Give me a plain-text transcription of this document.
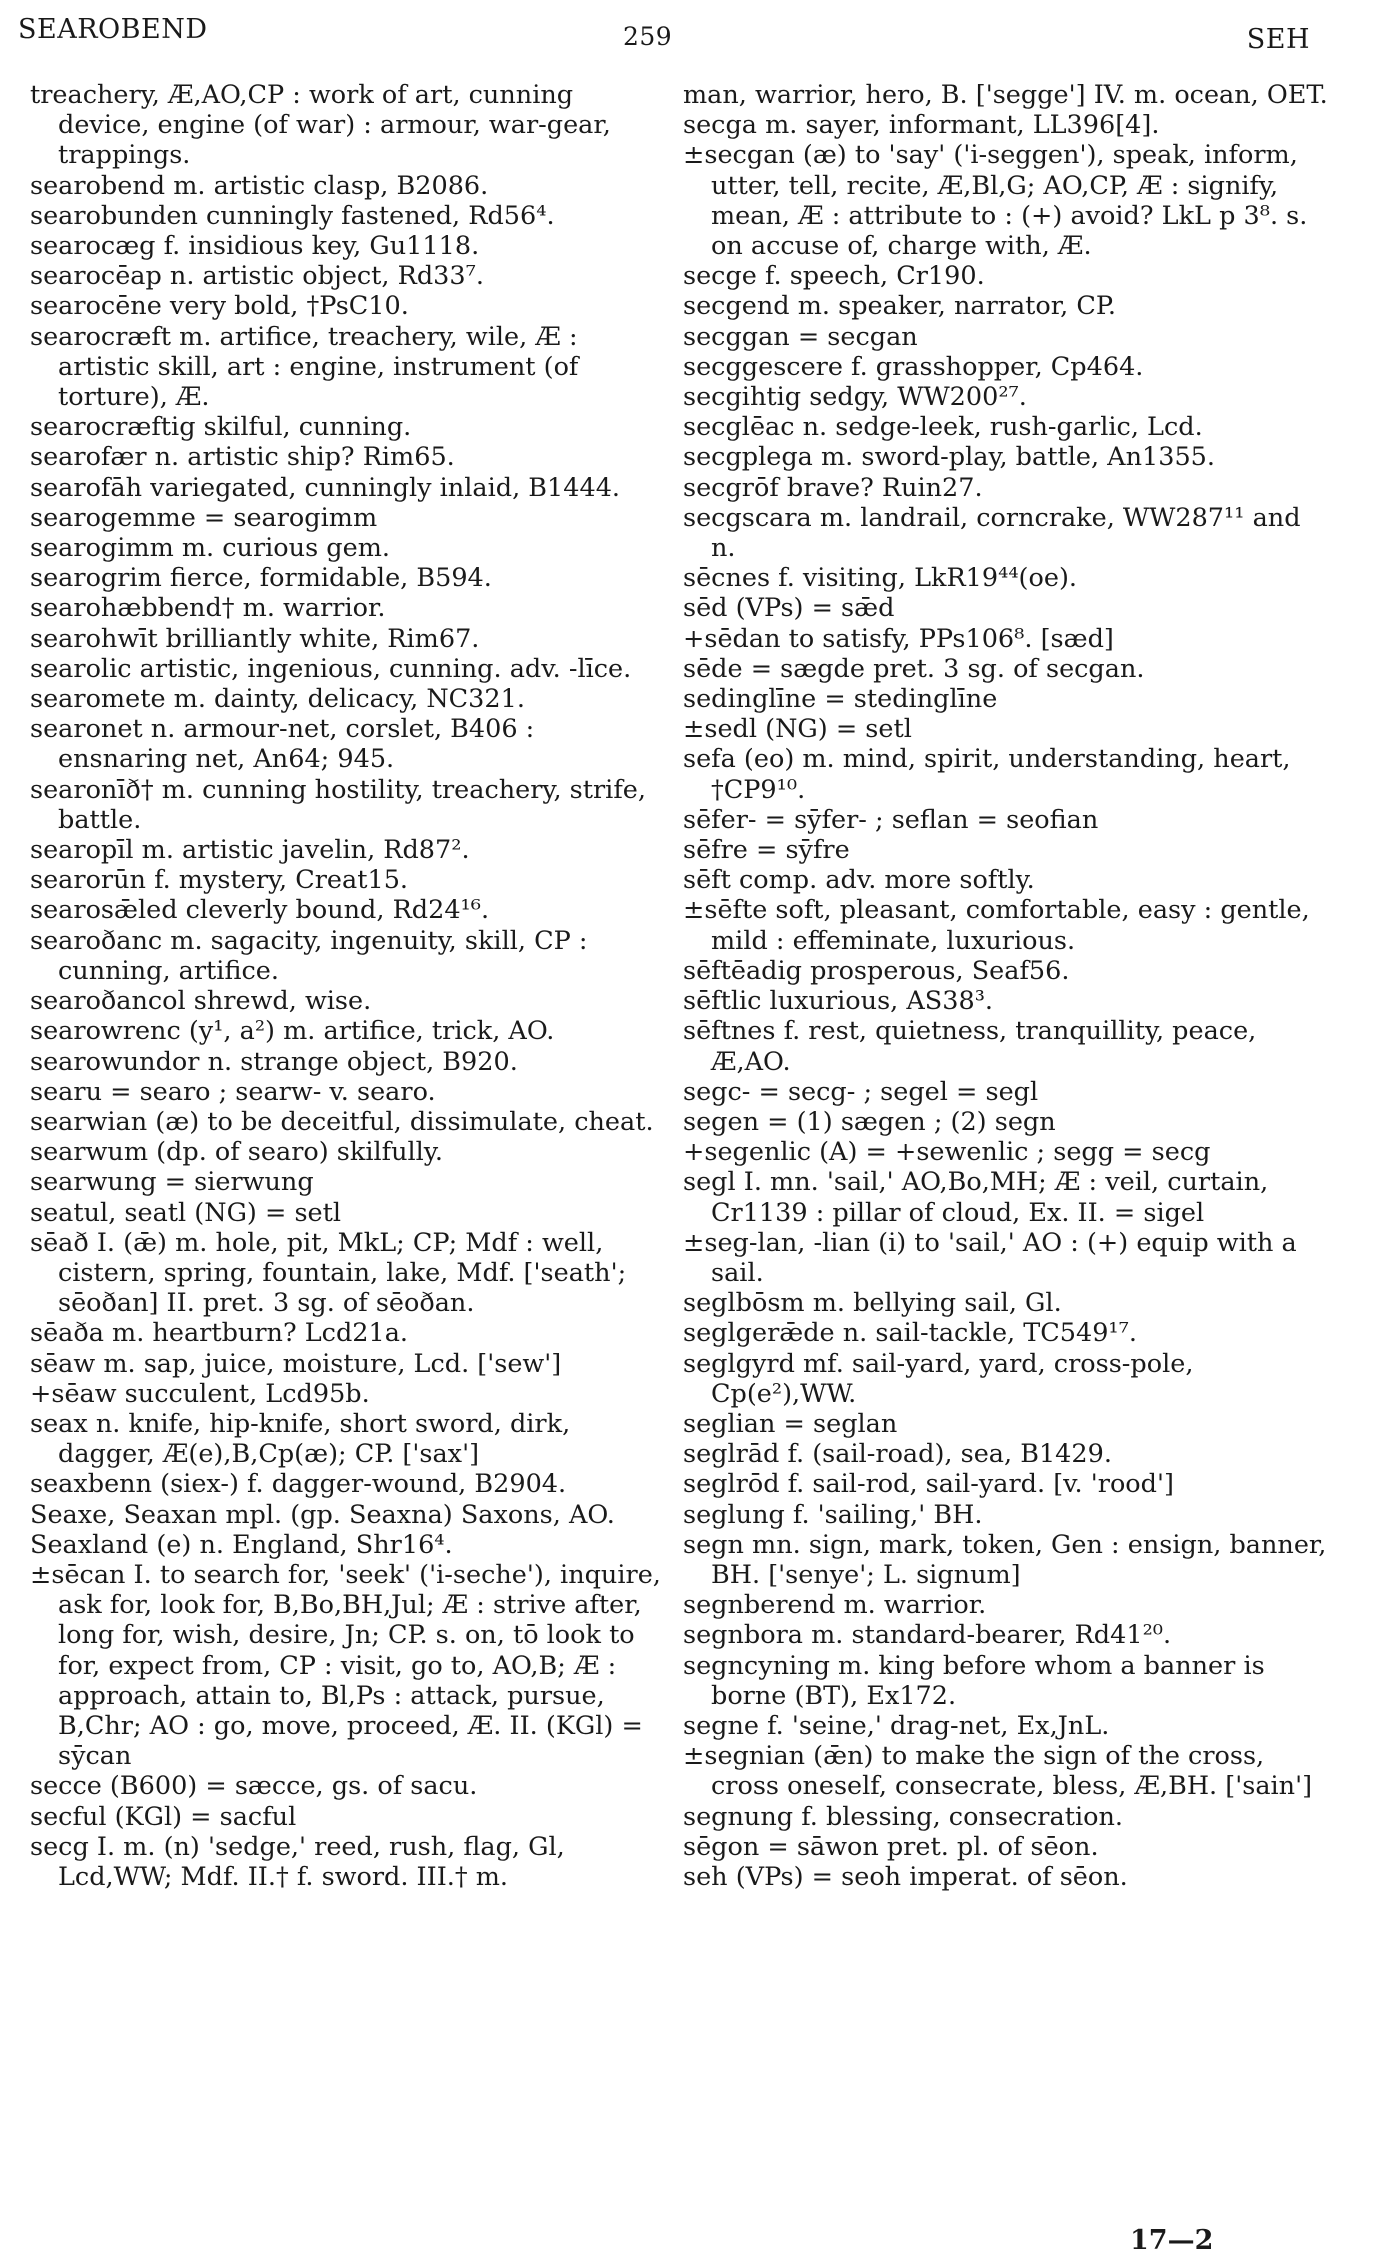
SEAROBEND	259	SEH

treachery, Æ,AO,CP : work of art, cunning device, engine (of war) : armour, war-gear, trappings.

searobend m. artistic clasp, B2086.

searobunden cunningly fastened, Rd56⁴.

searocæg f. insidious key, Gu1118.

searocēap n. artistic object, Rd33⁷.

searocēne very bold, †PsC10.

searocræft m. artifice, treachery, wile, Æ : artistic skill, art : engine, instrument (of torture), Æ.

searocræftig skilful, cunning.

searofær n. artistic ship? Rim65.

searofāh variegated, cunningly inlaid, B1444.

searogemme = searogimm

searogimm m. curious gem.

searogrim fierce, formidable, B594.

searohæbbend† m. warrior.

searohwīt brilliantly white, Rim67.

searolic artistic, ingenious, cunning. adv. -līce.

searomete m. dainty, delicacy, NC321.

searonet n. armour-net, corslet, B406 : ensnaring net, An64; 945.

searonīð† m. cunning hostility, treachery, strife, battle.

searopīl m. artistic javelin, Rd87².

searorūn f. mystery, Creat15.

searosǣled cleverly bound, Rd24¹⁶.

searoðanc m. sagacity, ingenuity, skill, CP : cunning, artifice.

searoðancol shrewd, wise.

searowrenc (y¹, a²) m. artifice, trick, AO.

searowundor n. strange object, B920.

searu = searo ; searw- v. searo.

searwian (æ) to be deceitful, dissimulate, cheat.

searwum (dp. of searo) skilfully.

searwung = sierwung

seatul, seatl (NG) = setl

sēað I. (ǣ) m. hole, pit, MkL; CP; Mdf : well, cistern, spring, fountain, lake, Mdf. ['seath'; sēoðan] II. pret. 3 sg. of sēoðan.

sēaða m. heartburn? Lcd21a.

sēaw m. sap, juice, moisture, Lcd. ['sew']

+sēaw succulent, Lcd95b.

seax n. knife, hip-knife, short sword, dirk, dagger, Æ(e),B,Cp(æ); CP. ['sax']

seaxbenn (siex-) f. dagger-wound, B2904.

Seaxe, Seaxan mpl. (gp. Seaxna) Saxons, AO.

Seaxland (e) n. England, Shr16⁴.

±sēcan I. to search for, 'seek' ('i-seche'), inquire, ask for, look for, B,Bo,BH,Jul; Æ : strive after, long for, wish, desire, Jn; CP. s. on, tō look to for, expect from, CP : visit, go to, AO,B; Æ : approach, attain to, Bl,Ps : attack, pursue, B,Chr; AO : go, move, proceed, Æ. II. (KGl) = sȳcan

secce (B600) = sæcce, gs. of sacu.

secful (KGl) = sacful

secg I. m. (n) 'sedge,' reed, rush, flag, Gl, Lcd,WW; Mdf. II.† f. sword. III.† m.

man, warrior, hero, B. ['segge'] IV. m. ocean, OET.

secga m. sayer, informant, LL396[4].

±secgan (æ) to 'say' ('i-seggen'), speak, inform, utter, tell, recite, Æ,Bl,G; AO,CP, Æ : signify, mean, Æ : attribute to : (+) avoid? LkL p 3⁸. s. on accuse of, charge with, Æ.

secge f. speech, Cr190.

secgend m. speaker, narrator, CP.

secggan = secgan

secggescere f. grasshopper, Cp464.

secgihtig sedgy, WW200²⁷.

secglēac n. sedge-leek, rush-garlic, Lcd.

secgplega m. sword-play, battle, An1355.

secgrōf brave? Ruin27.

secgscara m. landrail, corncrake, WW287¹¹ and n.

sēcnes f. visiting, LkR19⁴⁴(oe).

sēd (VPs) = sǣd

+sēdan to satisfy, PPs106⁸. [sæd]

sēde = sægde pret. 3 sg. of secgan.

sedinglīne = stedinglīne

±sedl (NG) = setl

sefa (eo) m. mind, spirit, understanding, heart, †CP9¹⁰.

sēfer- = sȳfer- ; seflan = seofian

sēfre = sȳfre

sēft comp. adv. more softly.

±sēfte soft, pleasant, comfortable, easy : gentle, mild : effeminate, luxurious.

sēftēadig prosperous, Seaf56.

sēftlic luxurious, AS38³.

sēftnes f. rest, quietness, tranquillity, peace, Æ,AO.

segc- = secg- ; segel = segl

segen = (1) sægen ; (2) segn

+segenlic (A) = +sewenlic ; segg = secg

segl I. mn. 'sail,' AO,Bo,MH; Æ : veil, curtain, Cr1139 : pillar of cloud, Ex. II. = sigel

±seg-lan, -lian (i) to 'sail,' AO : (+) equip with a sail.

seglbōsm m. bellying sail, Gl.

seglgerǣde n. sail-tackle, TC549¹⁷.

seglgyrd mf. sail-yard, yard, cross-pole, Cp(e²),WW.

seglian = seglan

seglrād f. (sail-road), sea, B1429.

seglrōd f. sail-rod, sail-yard. [v. 'rood']

seglung f. 'sailing,' BH.

segn mn. sign, mark, token, Gen : ensign, banner, BH. ['senye'; L. signum]

segnberend m. warrior.

segnbora m. standard-bearer, Rd41²⁰.

segncyning m. king before whom a banner is borne (BT), Ex172.

segne f. 'seine,' drag-net, Ex,JnL.

±segnian (ǣn) to make the sign of the cross, cross oneself, consecrate, bless, Æ,BH. ['sain']

segnung f. blessing, consecration.

sēgon = sāwon pret. pl. of sēon.

seh (VPs) = seoh imperat. of sēon.

17—2
